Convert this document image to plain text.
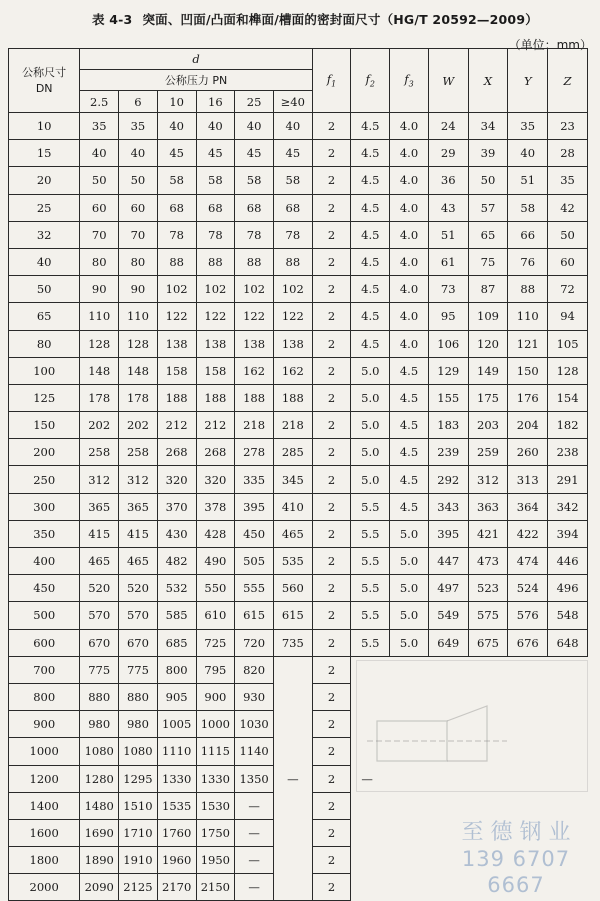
表 4-3 突面、凹面/凸面和榫面/槽面的密封面尺寸（HG/T 20592—2009）
（单位：mm）
公称尺寸
DN	d						$f_1$	$f_2$	$f_3$	W	X	Y	Z
	公称压力 PN												
	2.5	6	10	16	25	≥40							
10	35	35	40	40	40	40	2	4.5	4.0	24	34	35	23
15	40	40	45	45	45	45	2	4.5	4.0	29	39	40	28
20	50	50	58	58	58	58	2	4.5	4.0	36	50	51	35
25	60	60	68	68	68	68	2	4.5	4.0	43	57	58	42
32	70	70	78	78	78	78	2	4.5	4.0	51	65	66	50
40	80	80	88	88	88	88	2	4.5	4.0	61	75	76	60
50	90	90	102	102	102	102	2	4.5	4.0	73	87	88	72
65	110	110	122	122	122	122	2	4.5	4.0	95	109	110	94
80	128	128	138	138	138	138	2	4.5	4.0	106	120	121	105
100	148	148	158	158	162	162	2	5.0	4.5	129	149	150	128
125	178	178	188	188	188	188	2	5.0	4.5	155	175	176	154
150	202	202	212	212	218	218	2	5.0	4.5	183	203	204	182
200	258	258	268	268	278	285	2	5.0	4.5	239	259	260	238
250	312	312	320	320	335	345	2	5.0	4.5	292	312	313	291
300	365	365	370	378	395	410	2	5.5	4.5	343	363	364	342
350	415	415	430	428	450	465	2	5.5	5.0	395	421	422	394
400	465	465	482	490	505	535	2	5.5	5.0	447	473	474	446
450	520	520	532	550	555	560	2	5.5	5.0	497	523	524	496
500	570	570	585	610	615	615	2	5.5	5.0	549	575	576	548
600	670	670	685	725	720	735	2	5.5	5.0	649	675	676	648
700	775	775	800	795	820	—	2	—					
800	880	880	905	900	930		2						
900	980	980	1005	1000	1030		2						
1000	1080	1080	1110	1115	1140		2						
1200	1280	1295	1330	1330	1350		2						
1400	1480	1510	1535	1530	—		2						
1600	1690	1710	1760	1750	—		2						
1800	1890	1910	1960	1950	—		2						
2000	2090	2125	2170	2150	—		2						
至 德 钢 业
139 6707 6667
